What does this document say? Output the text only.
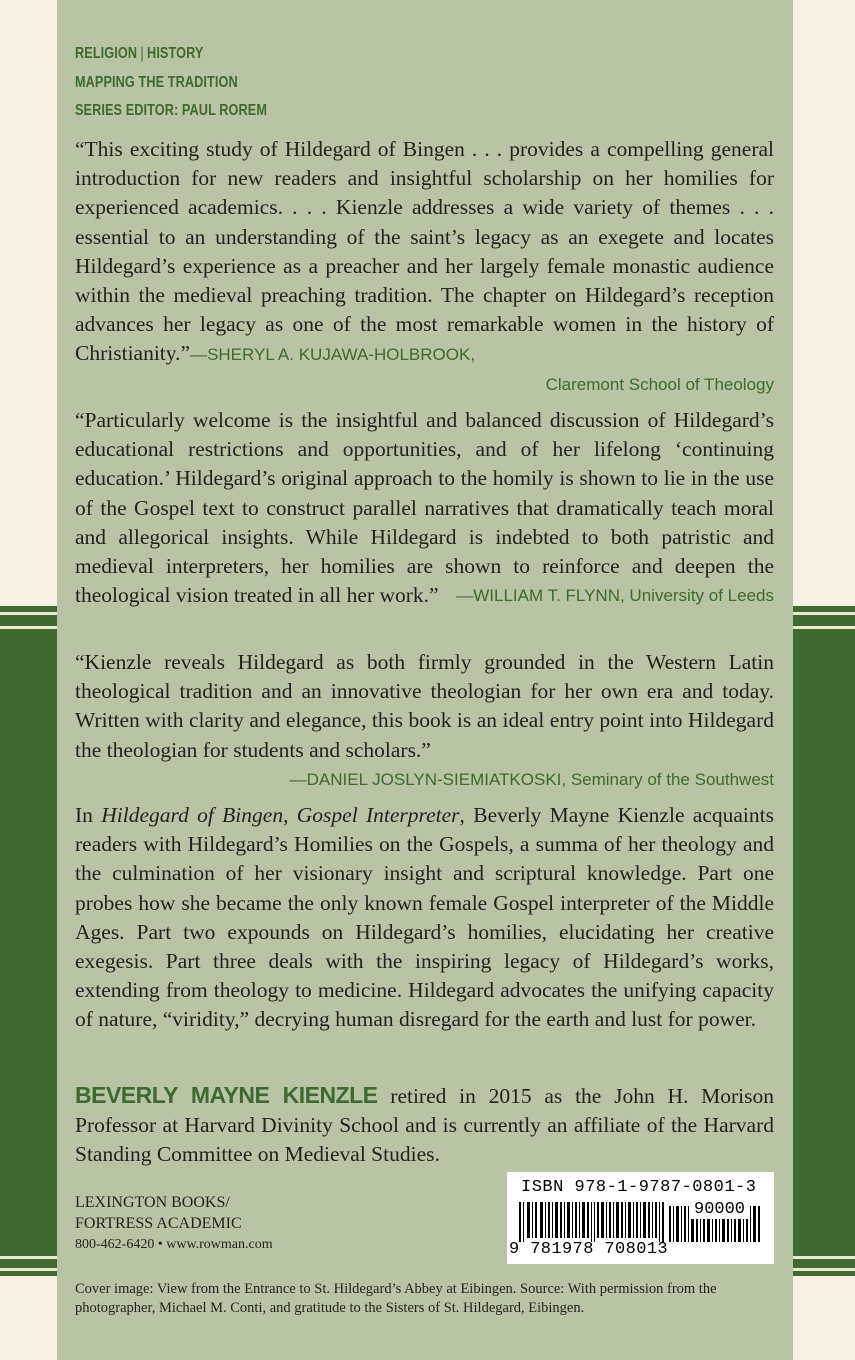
RELIGION | HISTORY
MAPPING THE TRADITION
SERIES EDITOR: PAUL ROREM

“This exciting study of Hildegard of Bingen . . . provides a compelling general introduction for new readers and insightful scholarship on her homilies for experienced academics. . . . Kienzle addresses a wide variety of themes . . . essential to an understanding of the saint’s legacy as an exegete and locates Hildegard’s experience as a preacher and her largely female monastic audience within the medieval preaching tradition. The chapter on Hildegard’s reception advances her legacy as one of the most remarkable women in the history of Christianity.”—SHERYL A. KUJAWA-HOLBROOK,
Claremont School of Theology

“Particularly welcome is the insightful and balanced discussion of Hildegard’s educational restrictions and opportunities, and of her lifelong ‘continuing education.’ Hildegard’s original approach to the homily is shown to lie in the use of the Gospel text to construct parallel narratives that dramatically teach moral and allegorical insights. While Hildegard is indebted to both patristic and medieval interpreters, her homilies are shown to reinforce and deepen the theological vision treated in all her work.”	—WILLIAM T. FLYNN, University of Leeds

“Kienzle reveals Hildegard as both firmly grounded in the Western Latin theological tradition and an innovative theologian for her own era and today. Written with clarity and elegance, this book is an ideal entry point into Hildegard the theologian for students and scholars.”
—DANIEL JOSLYN-SIEMIATKOSKI, Seminary of the Southwest

In Hildegard of Bingen, Gospel Interpreter, Beverly Mayne Kienzle acquaints readers with Hildegard’s Homilies on the Gospels, a summa of her theology and the culmination of her visionary insight and scriptural knowledge. Part one probes how she became the only known female Gospel interpreter of the Middle Ages. Part two expounds on Hildegard’s homilies, elucidating her creative exegesis. Part three deals with the inspiring legacy of Hildegard’s works, extending from theology to medicine. Hildegard advocates the unifying capacity of nature, “viridity,” decrying human disregard for the earth and lust for power.

BEVERLY MAYNE KIENZLE retired in 2015 as the John H. Morison Professor at Harvard Divinity School and is currently an affiliate of the Harvard Standing Committee on Medieval Studies.

LEXINGTON BOOKS/
FORTRESS ACADEMIC
800-462-6420 • www.rowman.com
ISBN 978-1-9787-0801-3
90000
9 781978 708013

Cover image: View from the Entrance to St. Hildegard’s Abbey at Eibingen. Source: With permission from the photographer, Michael M. Conti, and gratitude to the Sisters of St. Hildegard, Eibingen.
